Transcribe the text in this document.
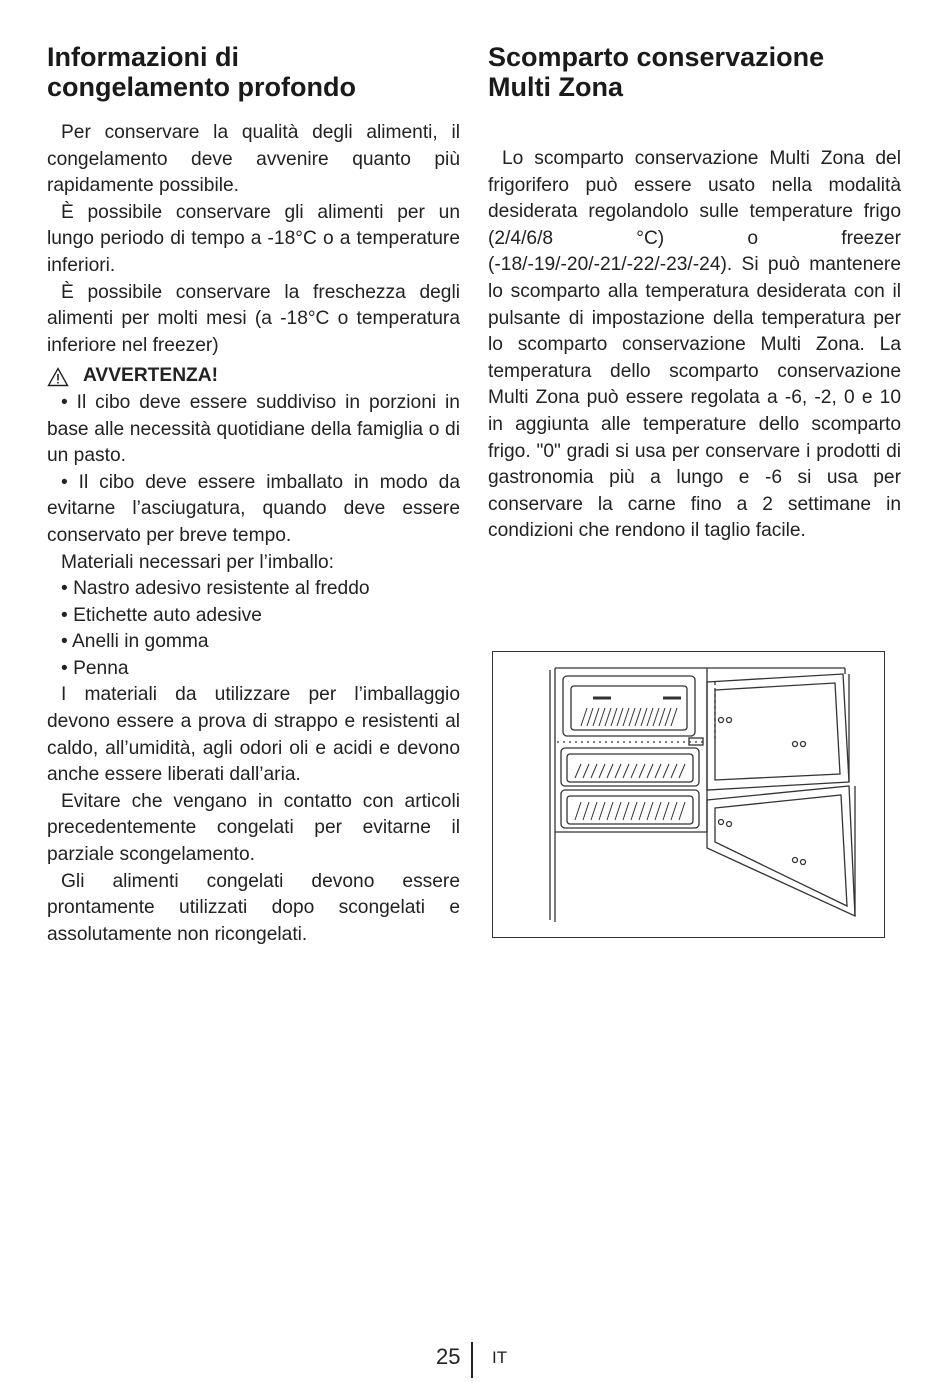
Informazioni di
congelamento profondo

Per conservare la qualità degli alimenti, il congelamento deve avvenire quanto più rapidamente possibile.

È possibile conservare gli alimenti per un lungo periodo di tempo a -18°C o a temperature inferiori.

È possibile conservare la freschezza degli alimenti per molti mesi (a -18°C o temperatura inferiore nel freezer)

AVVERTENZA!

• Il cibo deve essere suddiviso in porzioni in base alle necessità quotidiane della famiglia o di un pasto.

• Il cibo deve essere imballato in modo da evitarne l’asciugatura, quando deve essere conservato per breve tempo.

Materiali necessari per l’imballo:

• Nastro adesivo resistente al freddo
• Etichette auto adesive
• Anelli in gomma
• Penna

I materiali da utilizzare per l’imballaggio devono essere a prova di strappo e resistenti al caldo, all’umidità, agli odori oli e acidi e devono anche essere liberati dall’aria.

Evitare che vengano in contatto con articoli precedentemente congelati per evitarne il parziale scongelamento.

Gli alimenti congelati devono essere prontamente utilizzati dopo scongelati e assolutamente non ricongelati.

Scomparto conservazione
Multi Zona

Lo scomparto conservazione Multi Zona del frigorifero può essere usato nella modalità desiderata regolandolo sulle temperature frigo (2/4/6/8 °C) o freezer (-18/-19/-20/-21/-22/-23/-24). Si può mantenere lo scomparto alla temperatura desiderata con il pulsante di impostazione della temperatura per lo scomparto conservazione Multi Zona. La temperatura dello scomparto conservazione Multi Zona può essere regolata a -6, -2, 0 e 10 in aggiunta alle temperature dello scomparto frigo. "0" gradi si usa per conservare i prodotti di gastronomia più a lungo e -6 si usa per conservare la carne fino a 2 settimane in condizioni che rendono il taglio facile.

25 IT
